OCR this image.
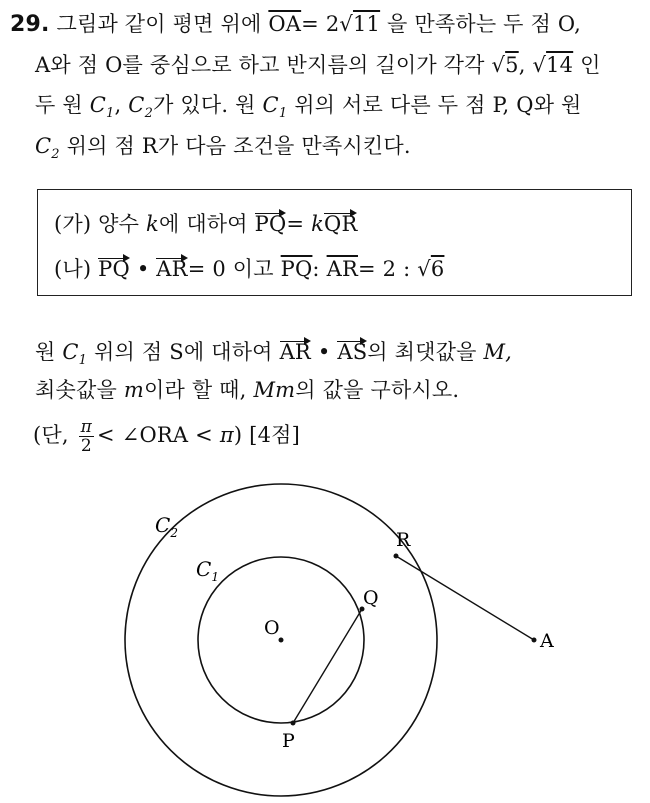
29. 그림과 같이 평면 위에 $\overline{OA}= 2√11$ 을 만족하는 두 점 O,
A와 점 O를 중심으로 하고 반지름의 길이가 각각 √5, √14 인
두 원 $C_1$, $C_2$가 있다. 원 $C_1$ 위의 서로 다른 두 점 P, Q와 원
$C_2$ 위의 점 R가 다음 조건을 만족시킨다.
(가) 양수 k에 대하여 PQ= kQR
(나) PQ • AR= 0 이고 $\overline{PQ}$: $\overline{AR}= 2$ : √6
원 $C_1$ 위의 점 S에 대하여 AR • AS의 최댓값을 M,
최솟값을 m이라 할 때, Mm의 값을 구하시오.
(단, $\frac{\pi}{2}$ < ∠ORA < π) [4점]
$C_2$
$C_1$
O
P
Q
R
A
